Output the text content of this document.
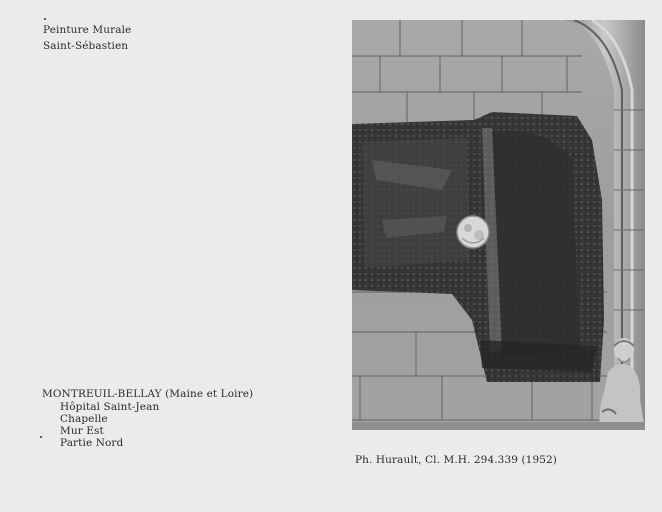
Peinture Murale
Saint-Sébastien
MONTREUIL-BELLAY (Maine et Loire)
Hôpital Saint-Jean
Chapelle
Mur Est
Partie Nord
Ph. Hurault, Cl. M.H. 294.339 (1952)
